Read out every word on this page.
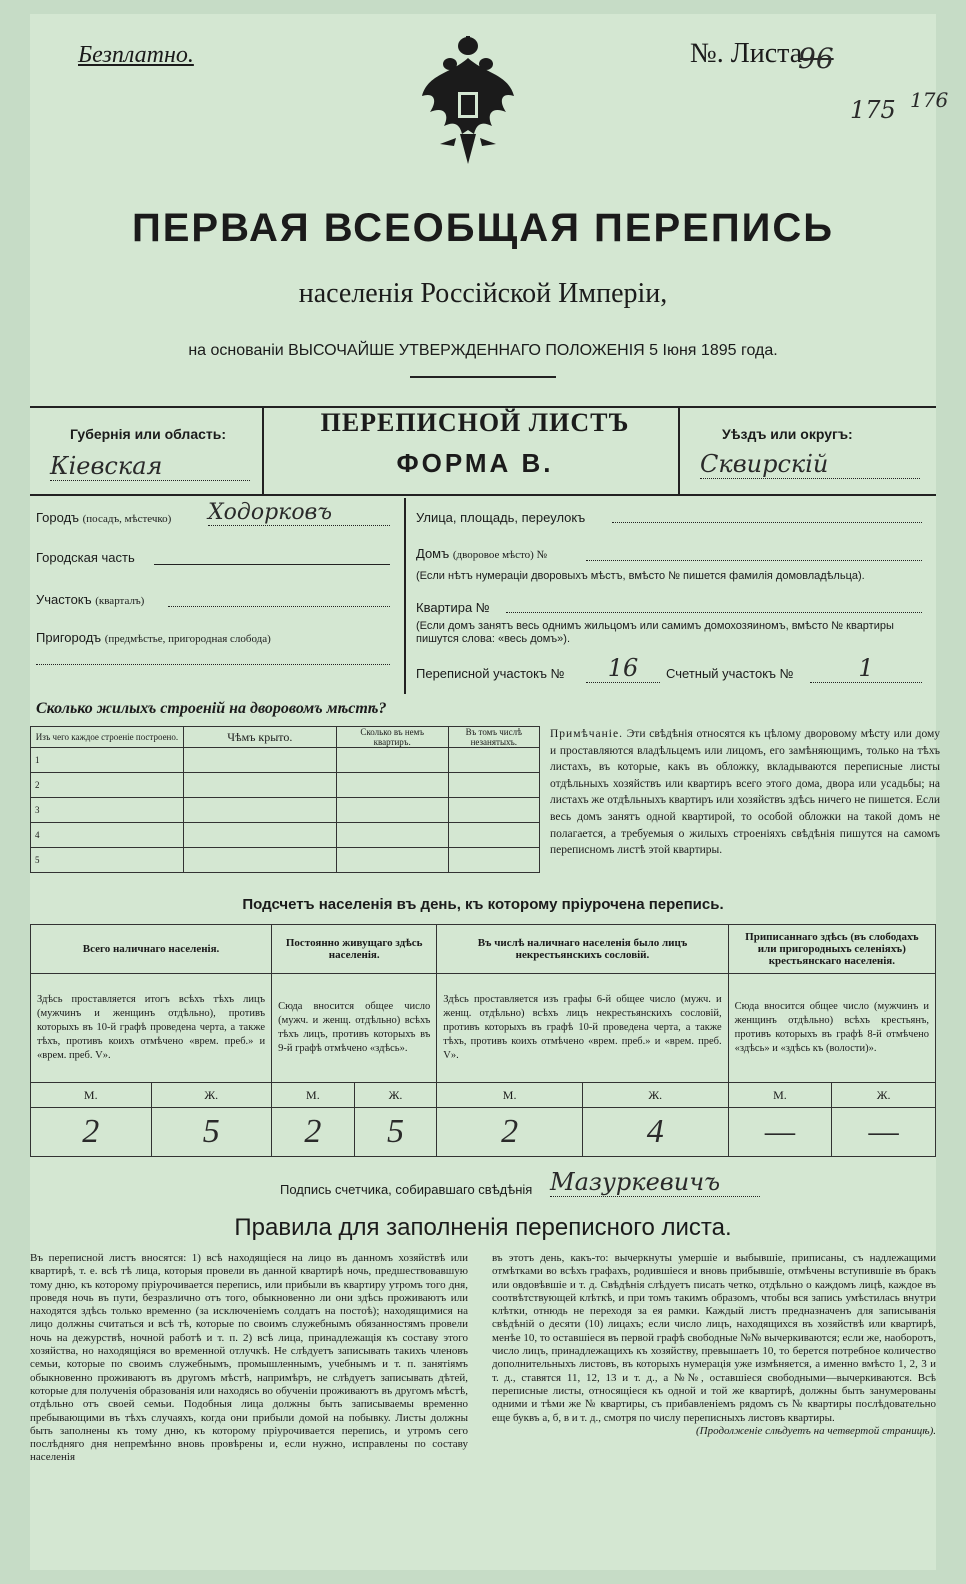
Безплатно.	№. Листа
96
175 176
ПЕРВАЯ ВСЕОБЩАЯ ПЕРЕПИСЬ
населенія Россійской Имперіи,
на основаніи ВЫСОЧАЙШЕ УТВЕРЖДЕННАГО ПОЛОЖЕНІЯ 5 Іюня 1895 года.
Губернія или область:
Кiевская
ПЕРЕПИСНОЙ ЛИСТЪ
ФОРМА В.
Уѣздъ или округъ:
Сквирскiй
Городъ (посадъ, мѣстечко) Ходорковъ
Городская часть
Участокъ (кварталъ)
Пригородъ (предмѣстье, пригородная слобода)
Улица, площадь, переулокъ
Домъ (дворовое мѣсто) №
(Если нѣтъ нумераціи дворовыхъ мѣстъ, вмѣсто № пишется фамилія домовладѣльца).
Квартира №
(Если домъ занятъ весь однимъ жильцомъ или самимъ домохозяиномъ, вмѣсто № квартиры пишутся слова: «весь домъ»).
Переписной участокъ №	16	Счетный участокъ №	1
Сколько жилыхъ строеній на дворовомъ мѣстѣ?
Изъ чего каждое строеніе построено.	Чѣмъ крыто.	Сколько въ немъ квартиръ.	Въ томъ числѣ незанятыхъ.
1			
2			
3			
4			
5			
Примѣчаніе. Эти свѣдѣнія относятся къ цѣлому дворовому мѣсту или дому и проставляются владѣльцемъ или лицомъ, его замѣняющимъ, только на тѣхъ листахъ, въ которые, какъ въ обложку, вкладываются переписные листы отдѣльныхъ хозяйствъ или квартиръ всего этого дома, двора или усадьбы; на листахъ же отдѣльныхъ квартиръ или хозяйствъ здѣсь ничего не пишется. Если весь домъ занятъ одной квартирой, то особой обложки на такой домъ не полагается, а требуемыя о жилыхъ строеніяхъ свѣдѣнія пишутся на самомъ переписномъ листѣ этой квартиры.
Подсчетъ населенія въ день, къ которому пріурочена перепись.
Всего наличнаго населенія.		Постоянно живущаго здѣсь населенія.		Въ числѣ наличнаго населенія было лицъ некрестьянскихъ сословій.		Приписаннаго здѣсь (въ слободахъ или пригородныхъ селеніяхъ) крестьянскаго населенія.	
Здѣсь проставляется итогъ всѣхъ тѣхъ лицъ (мужчинъ и женщинъ отдѣльно), противъ которыхъ въ 10-й графѣ проведена черта, а также тѣхъ, противъ коихъ отмѣчено «врем. преб.» и «врем. преб. V».		Сюда вносится общее число (мужч. и женщ. отдѣльно) всѣхъ тѣхъ лицъ, противъ которыхъ въ 9-й графѣ отмѣчено «здѣсь».		Здѣсь проставляется изъ графы 6-й общее число (мужч. и женщ. отдѣльно) всѣхъ лицъ некрестьянскихъ сословій, противъ которыхъ въ графѣ 10-й проведена черта, а также тѣхъ, противъ коихъ отмѣчено «врем. преб.» и «врем. преб. V».		Сюда вносится общее число (мужчинъ и женщинъ отдѣльно) всѣхъ крестьянъ, противъ которыхъ въ графѣ 8-й отмѣчено «здѣсь» и «здѣсь къ (волости)».	
М.	Ж.	М.	Ж.	М.	Ж.	М.	Ж.
2	5	2	5	2	4	—	—
Подпись счетчика, собиравшаго свѣдѣнія Мазуркевичъ
Правила для заполненія переписного листа.
Въ переписной листъ вносятся: 1) всѣ находящіеся на лицо въ данномъ хозяйствѣ или квартирѣ, т. е. всѣ тѣ лица, которыя провели въ данной квартирѣ ночь, предшествовавшую тому дню, къ которому пріурочивается перепись, или прибыли въ квартиру утромъ того дня, проведя ночь въ пути, безразлично отъ того, обыкновенно ли они здѣсь проживаютъ или находятся здѣсь только временно (за исключеніемъ солдатъ на постоѣ); находящимися на лицо должны считаться и всѣ тѣ, которые по своимъ служебнымъ обязанностямъ провели ночь на дежурствѣ, ночной работѣ и т. п. 2) всѣ лица, принадлежащія къ составу этого хозяйства, но находящіяся во временной отлучкѣ. Не слѣдуетъ записывать такихъ членовъ семьи, которые по своимъ служебнымъ, промышленнымъ, учебнымъ и т. п. занятіямъ обыкновенно проживаютъ въ другомъ мѣстѣ, напримѣръ, не слѣдуетъ записывать дѣтей, которые для полученія образованія или находясь во обученіи проживаютъ въ другомъ мѣстѣ, отдѣльно отъ своей семьи. Подобныя лица должны быть записываемы временно пребывающими въ тѣхъ случаяхъ, когда они прибыли домой на побывку. Листы должны быть заполнены къ тому дню, къ которому пріурочивается перепись, и утромъ сего послѣдняго дня непремѣнно вновь провѣрены и, если нужно, исправлены по составу населенія
въ этотъ день, какъ-то: вычеркнуты умершіе и выбывшіе, приписаны, съ надлежащими отмѣтками во всѣхъ графахъ, родившіеся и вновь прибывшіе, отмѣчены вступившіе въ бракъ или овдовѣвшіе и т. д. Свѣдѣнія слѣдуетъ писать четко, отдѣльно о каждомъ лицѣ, каждое въ соотвѣтствующей клѣткѣ, и при томъ такимъ образомъ, чтобы вся запись умѣстилась внутри клѣтки, отнюдь не переходя за ея рамки. Каждый листъ предназначенъ для записыванія свѣдѣній о десяти (10) лицахъ; если число лицъ, находящихся въ хозяйствѣ или квартирѣ, менѣе 10, то оставшіеся въ первой графѣ свободные №№ вычеркиваются; если же, наоборотъ, число лицъ, принадлежащихъ къ хозяйству, превышаетъ 10, то берется потребное количество дополнительныхъ листовъ, въ которыхъ нумерація уже измѣняется, а именно вмѣсто 1, 2, 3 и т. д., ставятся 11, 12, 13 и т. д., а №№, оставшіеся свободными—вычеркиваются. Всѣ переписные листы, относящіеся къ одной и той же квартирѣ, должны быть занумерованы одними и тѣми же № квартиры, съ прибавленіемъ рядомъ съ № квартиры послѣдовательно еще буквъ а, б, в и т. д., смотря по числу переписныхъ листовъ квартиры.
(Продолженіе слѣдуетъ на четвертой страницѣ).
